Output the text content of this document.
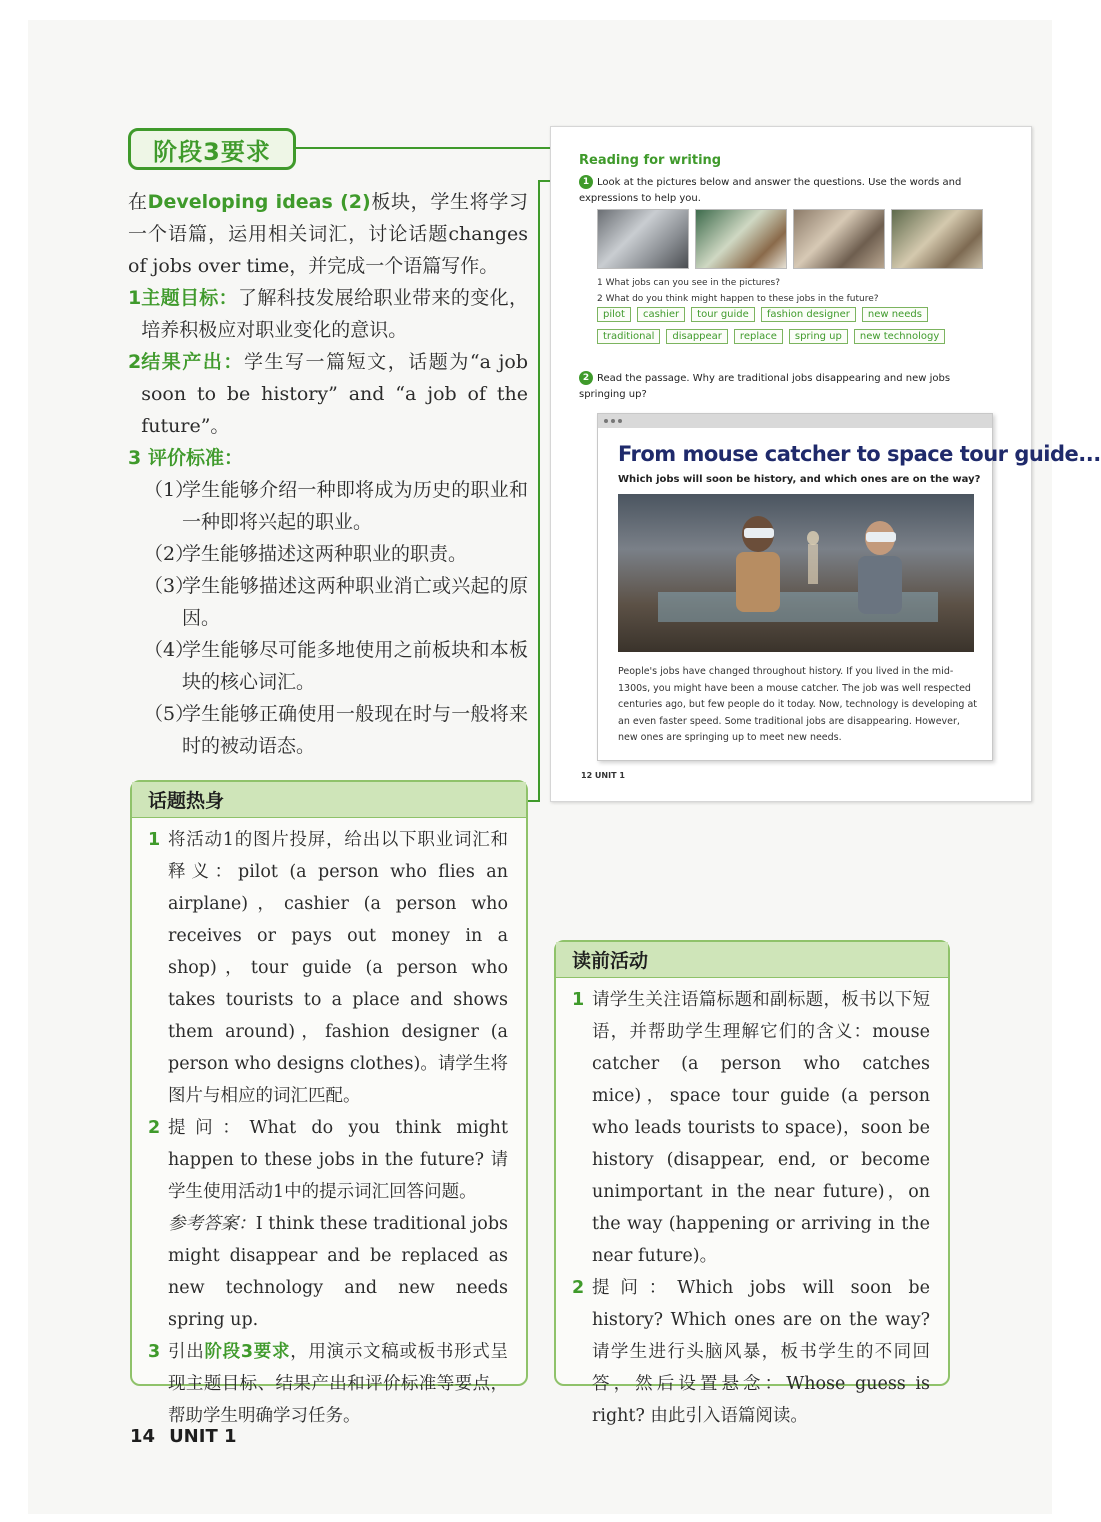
阶段3要求

在Developing ideas (2)板块，学生将学习一个语篇，运用相关词汇，讨论话题changes of jobs over time，并完成一个语篇写作。

1 主题目标：了解科技发展给职业带来的变化，培养积极应对职业变化的意识。

2 结果产出：学生写一篇短文，话题为“a job soon to be history” and “a job of the future”。

3 评价标准：

（1）

学生能够介绍一种即将成为历史的职业和一种即将兴起的职业。

（2）

学生能够描述这两种职业的职责。

（3）

学生能够描述这两种职业消亡或兴起的原因。

（4）

学生能够尽可能多地使用之前板块和本板块的核心词汇。

（5）

学生能够正确使用一般现在时与一般将来时的被动语态。

Reading for writing
1 Look at the pictures below and answer the questions. Use the words and expressions to help you.
1 What jobs can you see in the pictures?
2 What do you think might happen to these jobs in the future?
pilot	cashier	tour guide	fashion designer	new needs
traditional	disappear	replace	spring up	new technology
2 Read the passage. Why are traditional jobs disappearing and new jobs springing up?
From mouse catcher to space tour guide...
Which jobs will soon be history, and which ones are on the way?
People's jobs have changed throughout history. If you lived in the mid-1300s, you might have been a mouse catcher. The job was well respected centuries ago, but few people do it today. Now, technology is developing at an even faster speed. Some traditional jobs are disappearing. However, new ones are springing up to meet new needs.
12 UNIT 1
话题热身
1 将活动1的图片投屏，给出以下职业词汇和释义：pilot (a person who flies an airplane)，cashier (a person who receives or pays out money in a shop)，tour guide (a person who takes tourists to a place and shows them around)，fashion designer (a person who designs clothes)。请学生将图片与相应的词汇匹配。

2 提问：What do you think might happen to these jobs in the future? 请学生使用活动1中的提示词汇回答问题。

参考答案：I think these traditional jobs might disappear and be replaced as new technology and new needs spring up.

3 引出阶段3要求，用演示文稿或板书形式呈现主题目标、结果产出和评价标准等要点，帮助学生明确学习任务。

读前活动
1 请学生关注语篇标题和副标题，板书以下短语，并帮助学生理解它们的含义：mouse catcher (a person who catches mice)，space tour guide (a person who leads tourists to space)，soon be history (disappear, end, or become unimportant in the near future)，on the way (happening or arriving in the near future)。

2 提问：Which jobs will soon be history? Which ones are on the way? 请学生进行头脑风暴，板书学生的不同回答，然后设置悬念：Whose guess is right? 由此引入语篇阅读。

14 UNIT 1
